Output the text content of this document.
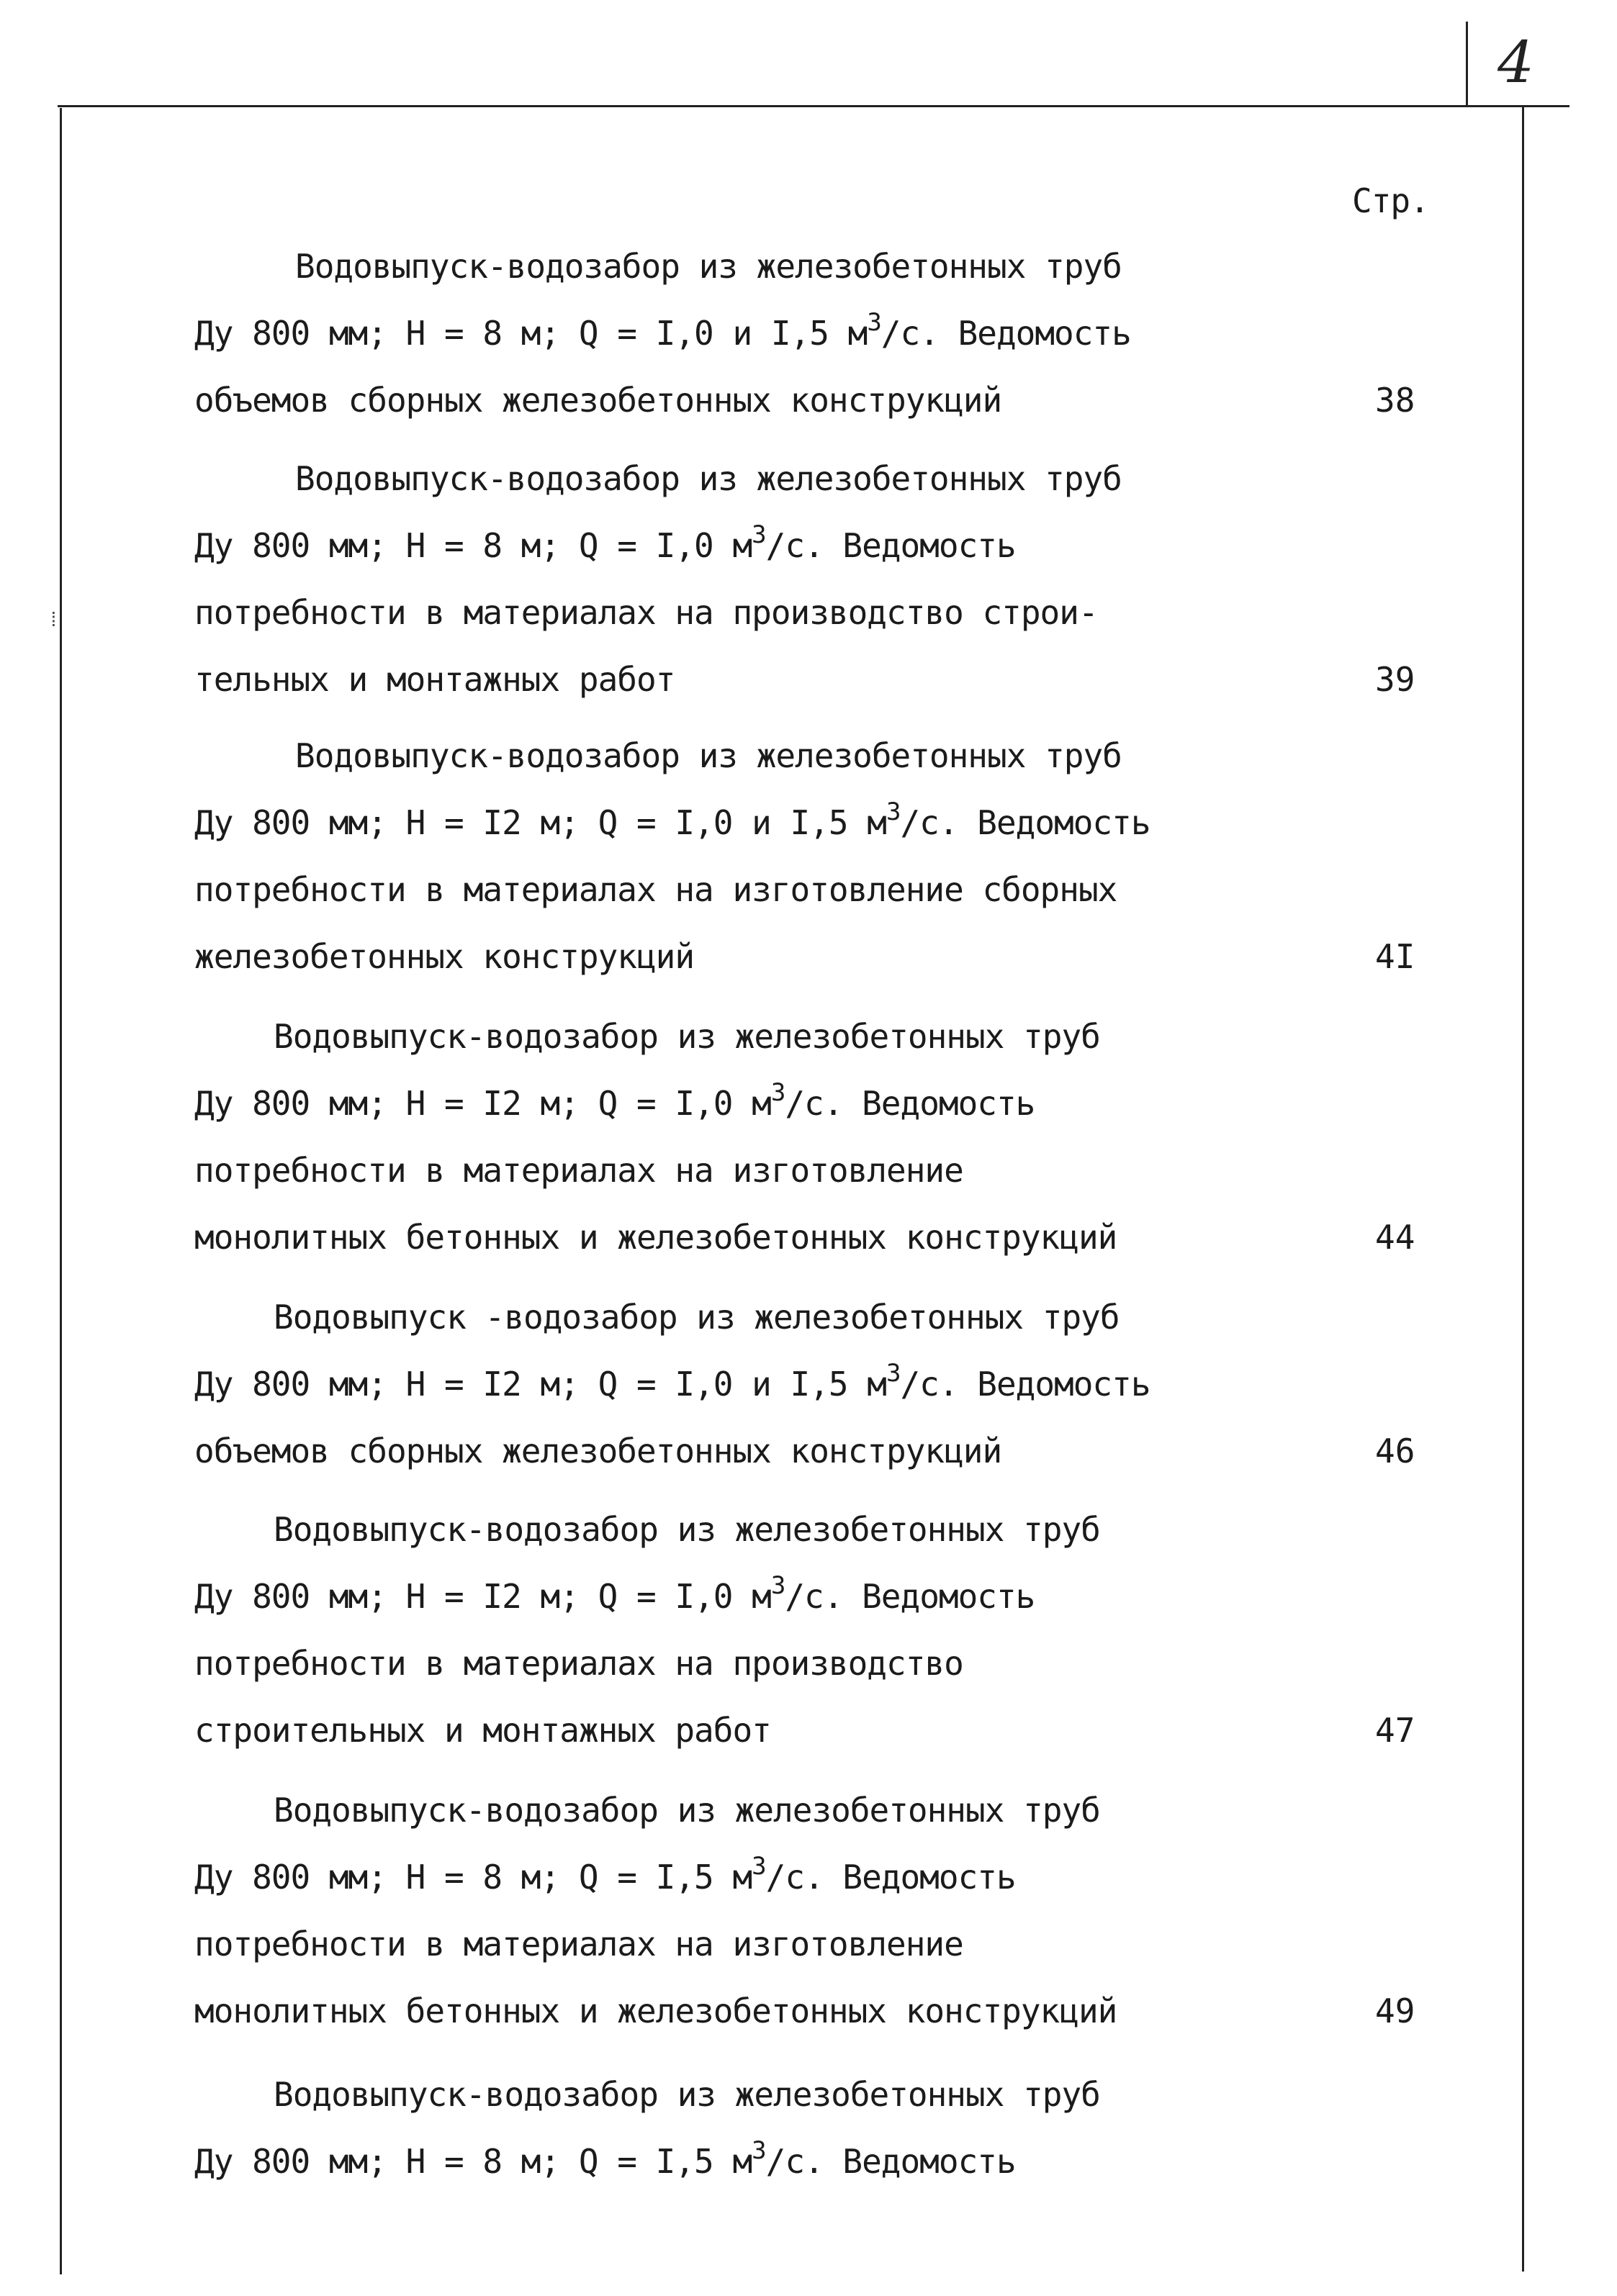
4
⁞
Стр.
Водовыпуск-водозабор из железобетонных труб
Ду 800 мм; H = 8 м; Q = I,0 и I,5 $м^3/c$. Ведомость
объемов сборных железобетонных конструкций	38
Водовыпуск-водозабор из железобетонных труб
Ду 800 мм; H = 8 м; Q = I,0 $м^3/с$. Ведомость
потребности в материалах на производство строи-
тельных и монтажных работ	39
Водовыпуск-водозабор из железобетонных труб
Ду 800 мм; H = I2 м; Q = I,0 и I,5 $м^3/с$. Ведомость
потребности в материалах на изготовление сборных
железобетонных конструкций	4I
Водовыпуск-водозабор из железобетонных труб
Ду 800 мм; H = I2 м; Q = I,0 $м^3/с$. Ведомость
потребности в материалах на изготовление
монолитных бетонных и железобетонных конструкций	44
Водовыпуск -водозабор из железобетонных труб
Ду 800 мм; H = I2 м; Q = I,0 и I,5 $м^3/с$. Ведомость
объемов сборных железобетонных конструкций	46
Водовыпуск-водозабор из железобетонных труб
Ду 800 мм; H = I2 м; Q = I,0 $м^3/с$. Ведомость
потребности в материалах на производство
строительных и монтажных работ	47
Водовыпуск-водозабор из железобетонных труб
Ду 800 мм; H = 8 м; Q = I,5 $м^3/с$. Ведомость
потребности в материалах на изготовление
монолитных бетонных и железобетонных конструкций	49
Водовыпуск-водозабор из железобетонных труб
Ду 800 мм; H = 8 м; Q = I,5 $м^3/с$. Ведомость
